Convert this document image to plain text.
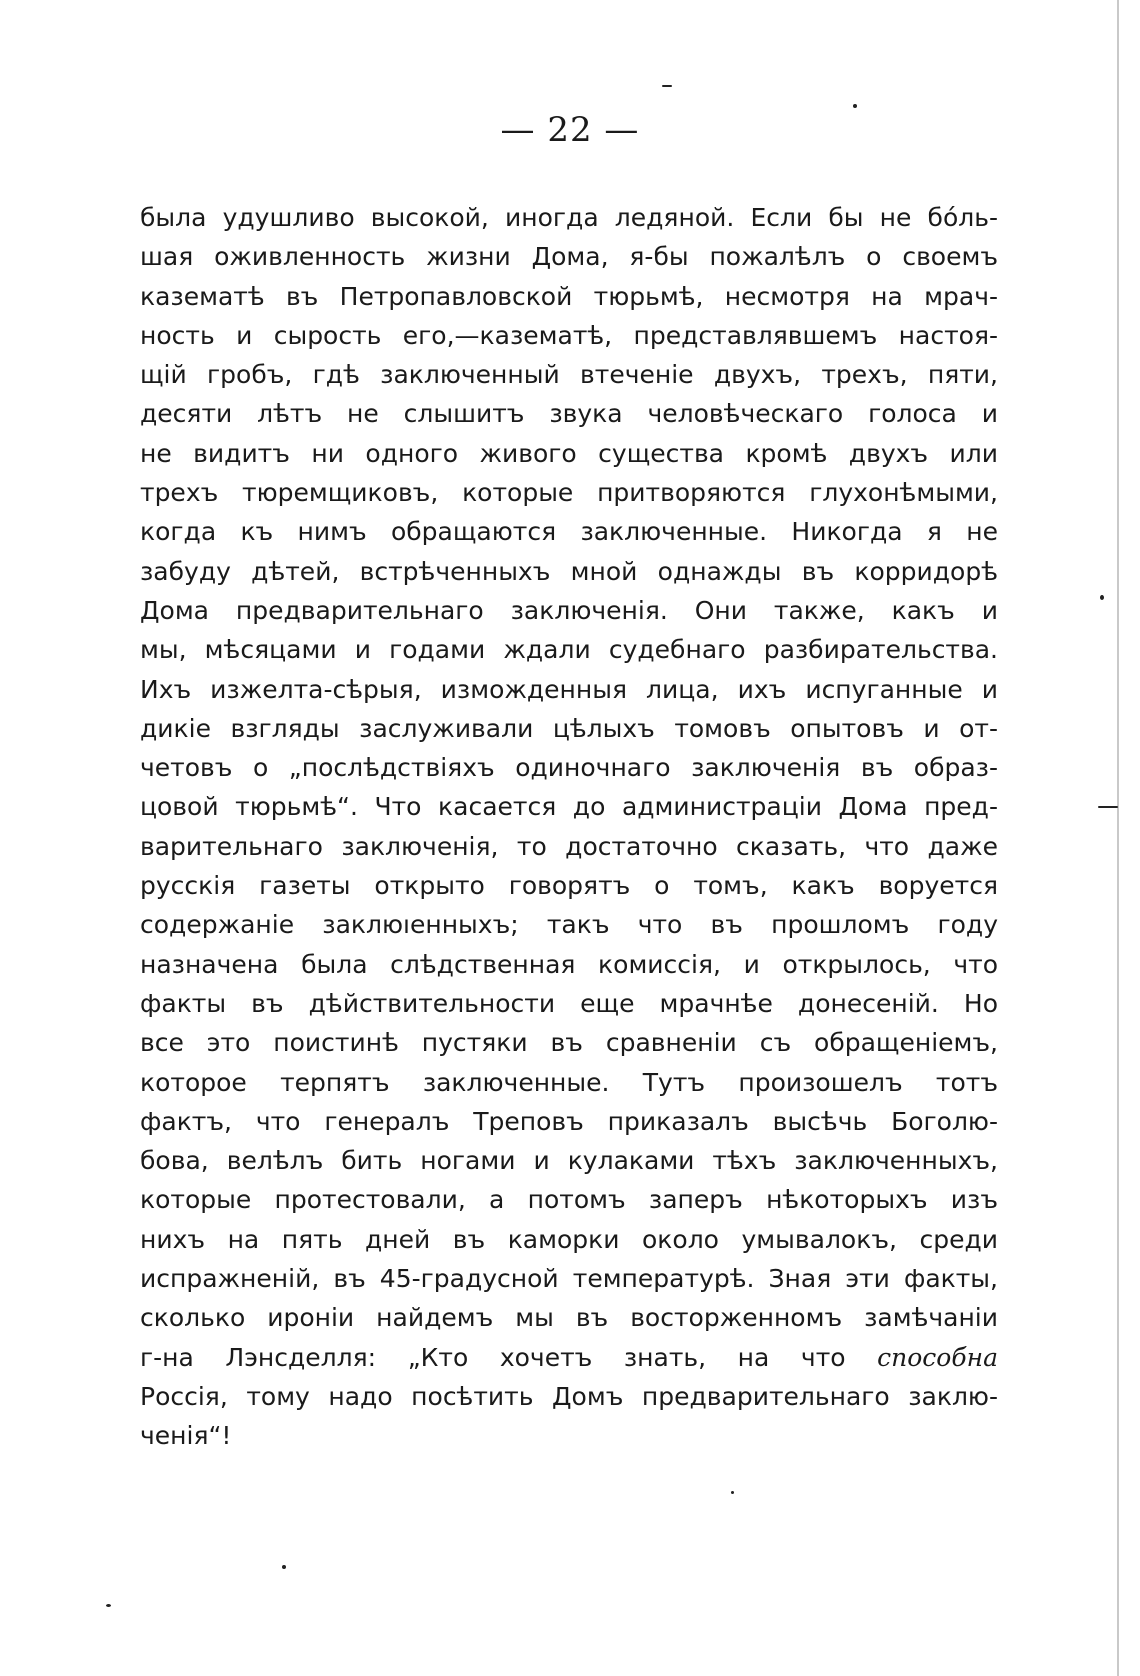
— 22 —
была удушливо высокой, иногда ледяной. Если бы не бóль-
шая оживленность жизни Дома, я-бы пожалѣлъ о своемъ
казематѣ въ Петропавловской тюрьмѣ, несмотря на мрач-
ность и сырость его,—казематѣ, представлявшемъ настоя-
щій гробъ, гдѣ заключенный втеченіе двухъ, трехъ, пяти,
десяти лѣтъ не слышитъ звука человѣческаго голоса и
не видитъ ни одного живого существа кромѣ двухъ или
трехъ тюремщиковъ, которые притворяются глухонѣмыми,
когда къ нимъ обращаются заключенные. Никогда я не
забуду дѣтей, встрѣченныхъ мной однажды въ корридорѣ
Дома предварительнаго заключенія. Они также, какъ и
мы, мѣсяцами и годами ждали судебнаго разбирательства.
Ихъ изжелта-сѣрыя, изможденныя лица, ихъ испуганные и
дикіе взгляды заслуживали цѣлыхъ томовъ опытовъ и от-
четовъ о „послѣдствіяхъ одиночнаго заключенія въ образ-
цовой тюрьмѣ“. Что касается до администраціи Дома пред-
варительнаго заключенія, то достаточно сказать, что даже
русскія газеты открыто говорятъ о томъ, какъ воруется
содержаніе заклюıенныхъ; такъ что въ прошломъ году
назначена была слѣдственная комиссія, и открылось, что
факты въ дѣйствительности еще мрачнѣе донесеній. Но
все это поистинѣ пустяки въ сравненіи съ обращеніемъ,
которое терпятъ заключенные. Тутъ произошелъ тотъ
фактъ, что генералъ Треповъ приказалъ высѣчь Боголю-
бова, велѣлъ бить ногами и кулаками тѣхъ заключенныхъ,
которые протестовали, а потомъ заперъ нѣкоторыхъ изъ
нихъ на пять дней въ каморки около умывалокъ, среди
испражненій, въ 45-градусной температурѣ. Зная эти факты,
сколько ироніи найдемъ мы въ восторженномъ замѣчаніи
г-на Лэнсделля: „Кто хочетъ знать, на что способна
Россія, тому надо посѣтить Домъ предварительнаго заклю-
ченія“!
